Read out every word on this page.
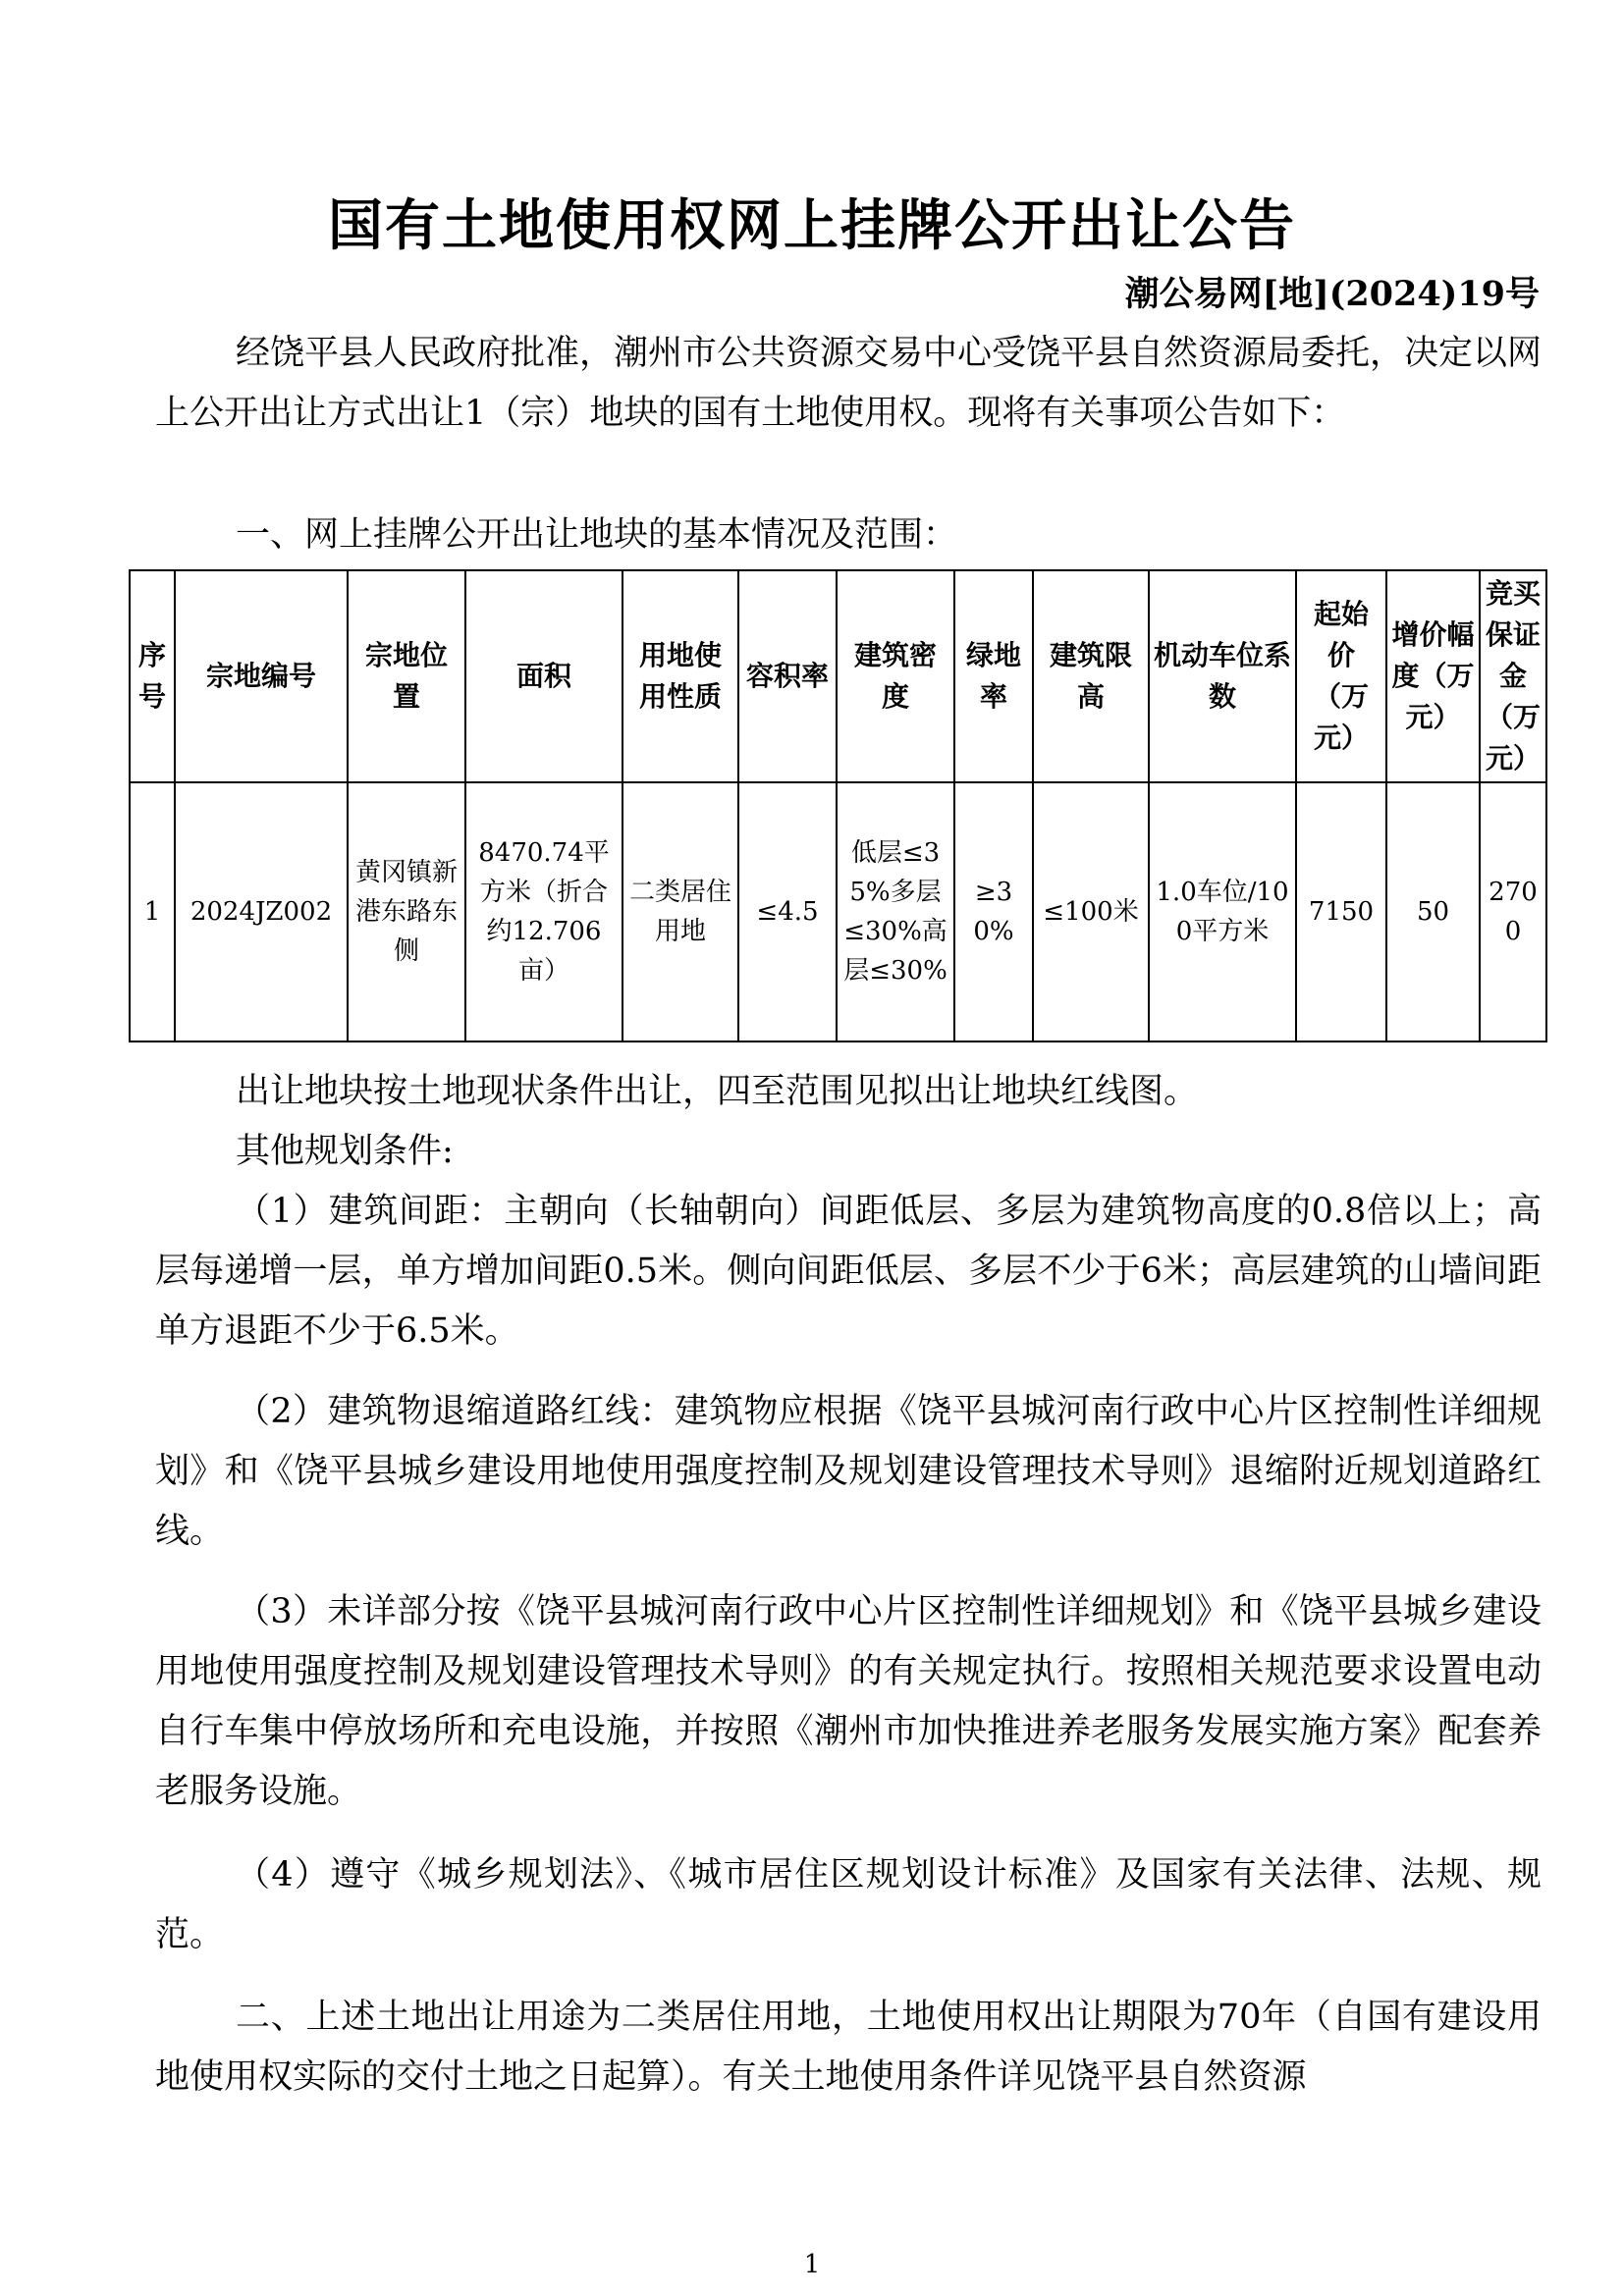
国有土地使用权网上挂牌公开出让公告
潮公易网[地](2024)19号

经饶平县人民政府批准，潮州市公共资源交易中心受饶平县自然资源局委托，决定以网上公开出让方式出让1（宗）地块的国有土地使用权。现将有关事项公告如下：

一、网上挂牌公开出让地块的基本情况及范围：

序号	宗地编号	宗地位置	面积	用地使用性质	容积率	建筑密度	绿地率	建筑限高	机动车位系数	起始价（万元）	增价幅度（万元）	竞买保证金（万元）
1	2024JZ002	黄冈镇新港东路东侧	8470.74平方米（折合约12.706亩）	二类居住用地	≤4.5	低层≤35%多层≤30%高层≤30%	≥30%	≤100米	1.0车位/100平方米	7150	50	2700

出让地块按土地现状条件出让，四至范围见拟出让地块红线图。

其他规划条件:

（1）建筑间距：主朝向（长轴朝向）间距低层、多层为建筑物高度的0.8倍以上；高层每递增一层，单方增加间距0.5米。侧向间距低层、多层不少于6米；高层建筑的山墙间距单方退距不少于6.5米。

（2）建筑物退缩道路红线：建筑物应根据《饶平县城河南行政中心片区控制性详细规划》和《饶平县城乡建设用地使用强度控制及规划建设管理技术导则》退缩附近规划道路红线。

（3）未详部分按《饶平县城河南行政中心片区控制性详细规划》和《饶平县城乡建设用地使用强度控制及规划建设管理技术导则》的有关规定执行。按照相关规范要求设置电动自行车集中停放场所和充电设施，并按照《潮州市加快推进养老服务发展实施方案》配套养老服务设施。

（4）遵守《城乡规划法》、《城市居住区规划设计标准》及国家有关法律、法规、规范。

二、上述土地出让用途为二类居住用地，土地使用权出让期限为70年（自国有建设用地使用权实际的交付土地之日起算）。有关土地使用条件详见饶平县自然资源

1
